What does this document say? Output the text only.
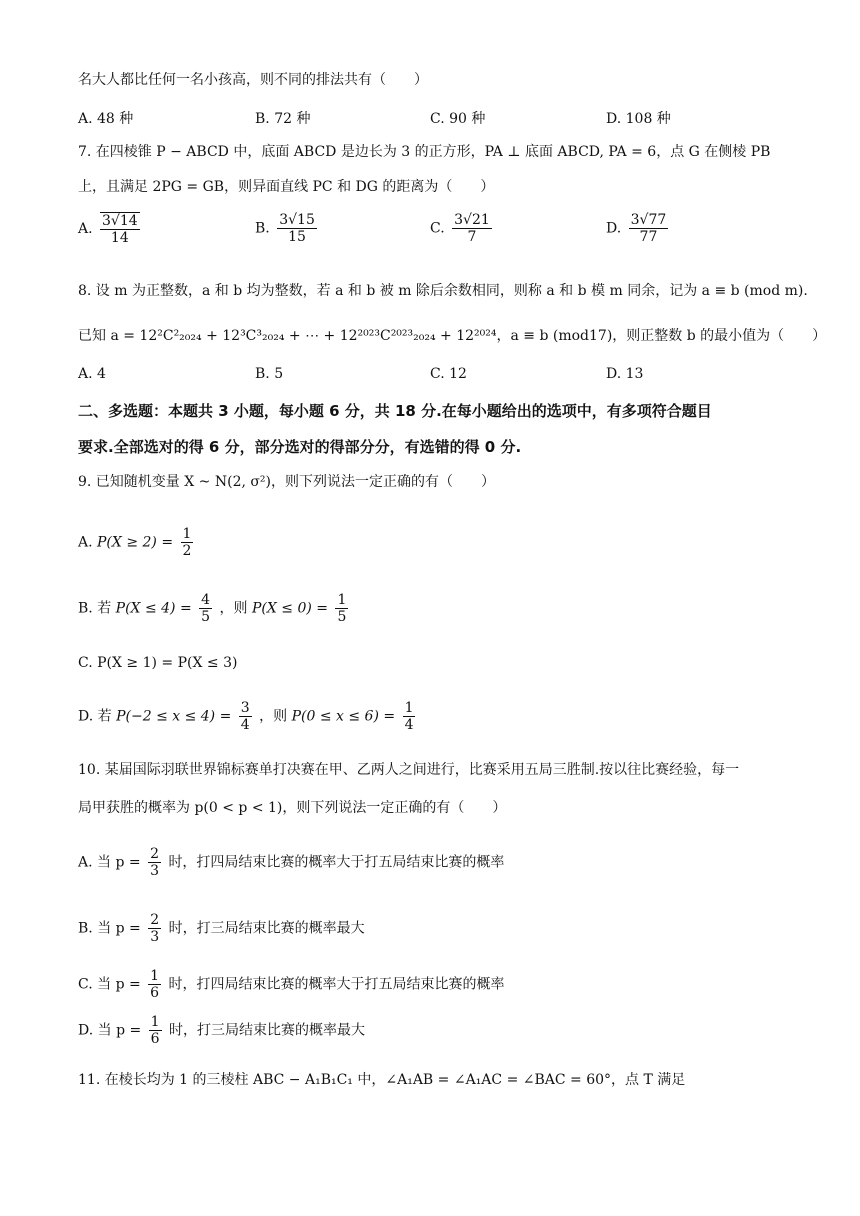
名大人都比任何一名小孩高，则不同的排法共有（　　）
A. 48 种	B. 72 种	C. 90 种	D. 108 种
7. 在四棱锥 P − ABCD 中，底面 ABCD 是边长为 3 的正方形，PA ⊥ 底面 ABCD, PA = 6，点 G 在侧棱 PB
上，且满足 2PG = GB，则异面直线 PC 和 DG 的距离为（　　）
A. $\frac{3√14}{14}$	B. $\frac{3√15}{15}$	C. $\frac{3√21}{7}$	D. $\frac{3√77}{77}$
8. 设 m 为正整数，a 和 b 均为整数，若 a 和 b 被 m 除后余数相同，则称 a 和 b 模 m 同余，记为 a ≡ b (mod m).
已知 a = 12²C²₂₀₂₄ + 12³C³₂₀₂₄ + ⋯ + 12²⁰²³C²⁰²³₂₀₂₄ + 12²⁰²⁴，a ≡ b (mod17)，则正整数 b 的最小值为（　　）
A. 4	B. 5	C. 12	D. 13
二、多选题：本题共 3 小题，每小题 6 分，共 18 分.在每小题给出的选项中，有多项符合题目
要求.全部选对的得 6 分，部分选对的得部分分，有选错的得 0 分.
9. 已知随机变量 X ~ N(2, σ²)，则下列说法一定正确的有（　　）
A. $P(X \ge 2) = \frac{1}{2}$
B. 若 $P(X \le 4) = \frac{4}{5}$ ，则 $P(X \le 0) = \frac{1}{5}$
C. P(X ≥ 1) = P(X ≤ 3)
D. 若 $P(-2 \le x \le 4) = \frac{3}{4}$ ，则 $P(0 \le x \le 6) = \frac{1}{4}$
10. 某届国际羽联世界锦标赛单打决赛在甲、乙两人之间进行，比赛采用五局三胜制.按以往比赛经验，每一
局甲获胜的概率为 p(0 < p < 1)，则下列说法一定正确的有（　　）
A. 当 $p = \frac{2}{3}$ 时，打四局结束比赛的概率大于打五局结束比赛的概率
B. 当 $p = \frac{2}{3}$ 时，打三局结束比赛的概率最大
C. 当 $p = \frac{1}{6}$ 时，打四局结束比赛的概率大于打五局结束比赛的概率
D. 当 $p = \frac{1}{6}$ 时，打三局结束比赛的概率最大
11. 在棱长均为 1 的三棱柱 ABC − A₁B₁C₁ 中，∠A₁AB = ∠A₁AC = ∠BAC = 60°，点 T 满足
